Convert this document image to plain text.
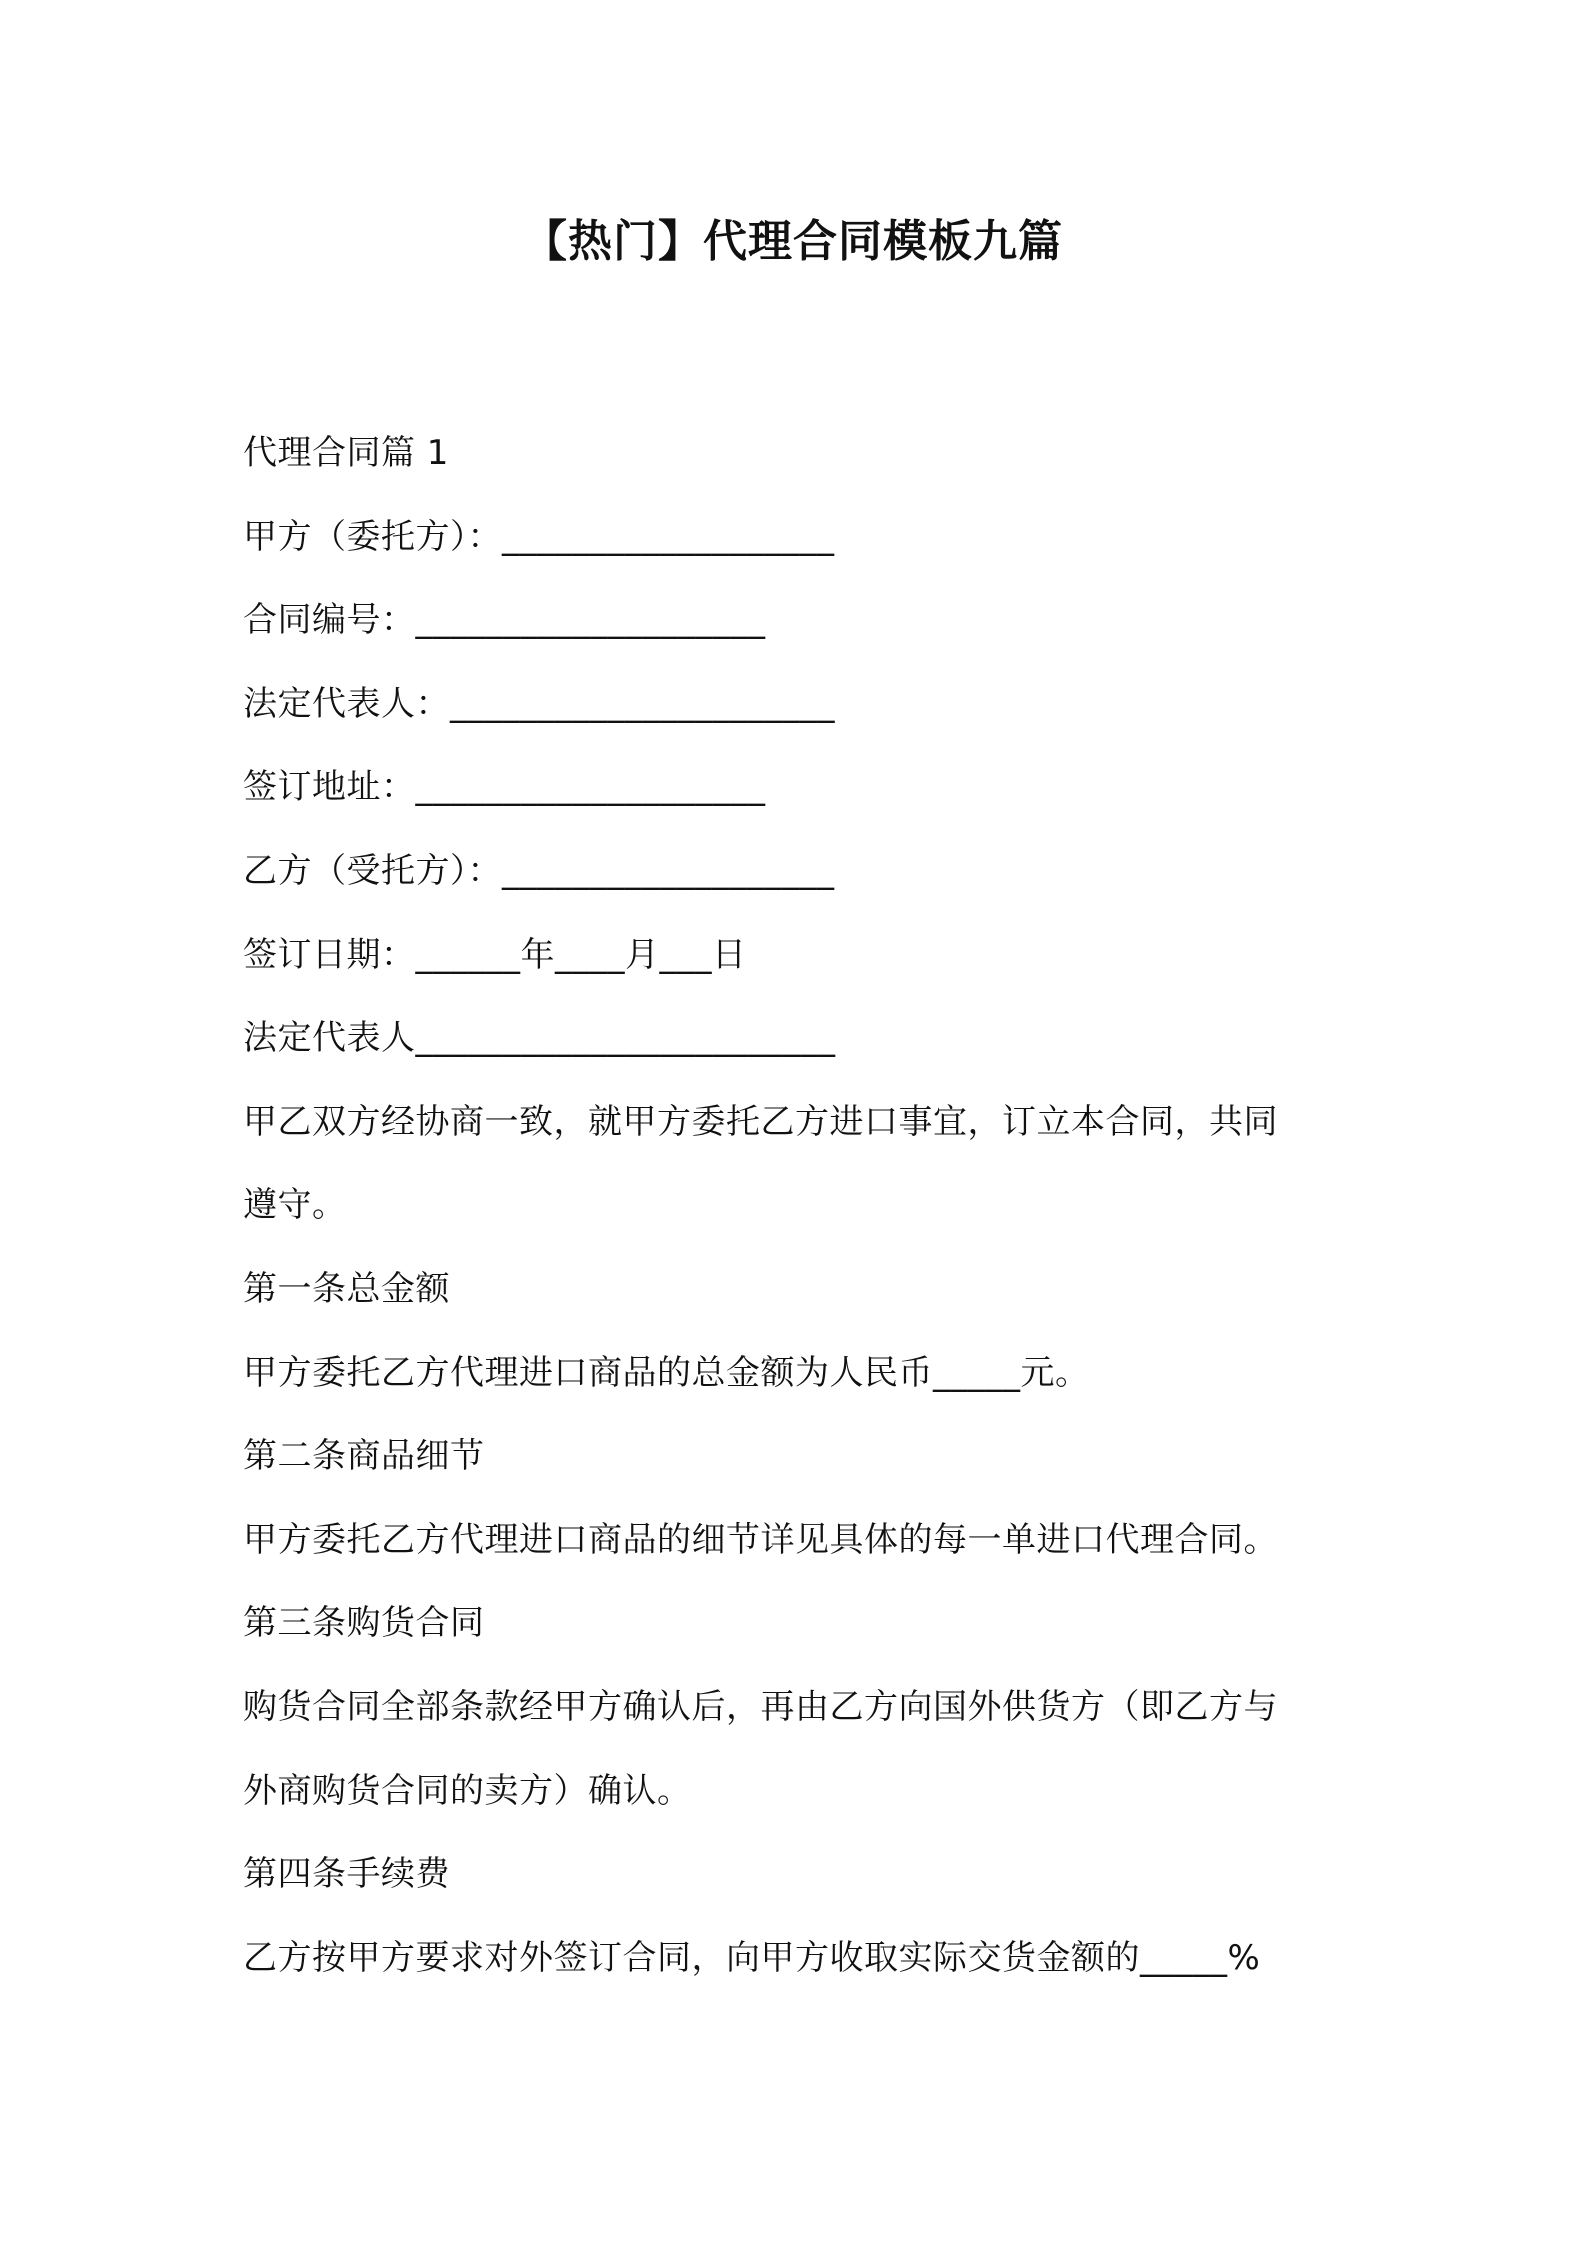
【热门】代理合同模板九篇
代理合同篇 1
甲方（委托方）：___________________
合同编号：____________________
法定代表人：______________________
签订地址：____________________
乙方（受托方）：___________________
签订日期：______年____月___日
法定代表人________________________
甲乙双方经协商一致，就甲方委托乙方进口事宜，订立本合同，共同
遵守。
第一条总金额
甲方委托乙方代理进口商品的总金额为人民币_____元。
第二条商品细节
甲方委托乙方代理进口商品的细节详见具体的每一单进口代理合同。
第三条购货合同
购货合同全部条款经甲方确认后，再由乙方向国外供货方（即乙方与
外商购货合同的卖方）确认。
第四条手续费
乙方按甲方要求对外签订合同，向甲方收取实际交货金额的_____%
